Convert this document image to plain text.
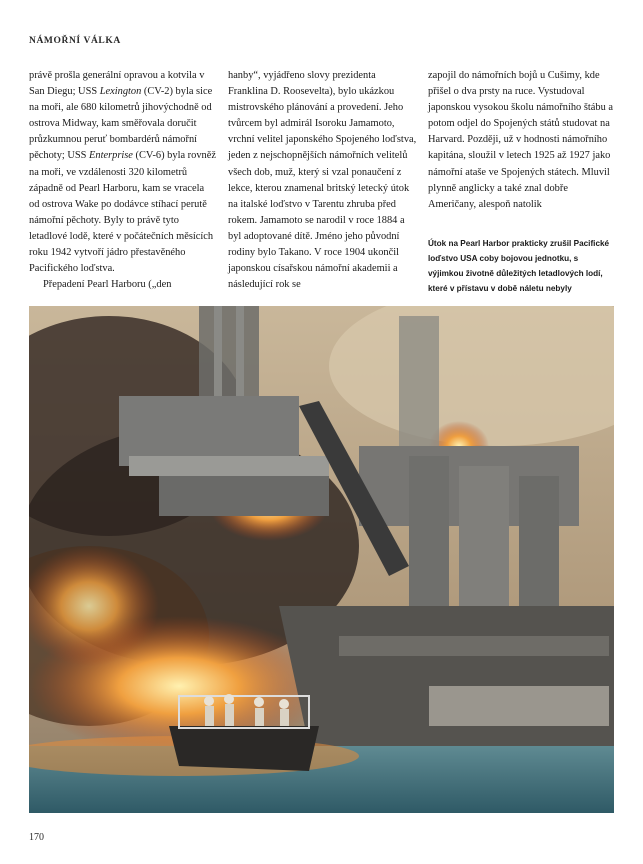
NÁMOŘNÍ VÁLKA

právě prošla generální opravou a kotvila v San Diegu; USS Lexington (CV-2) byla sice na moři, ale 680 kilometrů jihovýchodně od ostrova Midway, kam směřovala doručit průzkumnou peruť bombardérů námořní pěchoty; USS Enterprise (CV-6) byla rovněž na moři, ve vzdálenosti 320 kilometrů západně od Pearl Harboru, kam se vracela od ostrova Wake po dodávce stíhací perutě námořní pěchoty. Byly to právě tyto letadlové lodě, které v počátečních měsících roku 1942 vytvoří jádro přestavěného Pacifického loďstva.

Přepadení Pearl Harboru („den

hanby“, vyjádřeno slovy prezidenta Franklina D. Roosevelta), bylo ukázkou mistrovského plánování a provedení. Jeho tvůrcem byl admirál Isoroku Jamamoto, vrchní velitel japonského Spojeného loďstva, jeden z nejschopnějších námořních velitelů všech dob, muž, který si vzal ponaučení z lekce, kterou znamenal britský letecký útok na italské loďstvo v Tarentu zhruba před rokem. Jamamoto se narodil v roce 1884 a byl adoptované dítě. Jméno jeho původní rodiny bylo Takano. V roce 1904 ukončil japonskou císařskou námořní akademii a následující rok se

zapojil do námořních bojů u Cušimy, kde přišel o dva prsty na ruce. Vystudoval japonskou vysokou školu námořního štábu a potom odjel do Spojených států studovat na Harvard. Později, už v hodnosti námořního kapitána, sloužil v letech 1925 až 1927 jako námořní ataše ve Spojených státech. Mluvil plynně anglicky a také znal dobře Američany, alespoň natolik

Útok na Pearl Harbor prakticky zrušil Pacifické loďstvo USA coby bojovou jednotku, s výjimkou životně důležitých letadlových lodí, které v přístavu v době náletu nebyly
170
